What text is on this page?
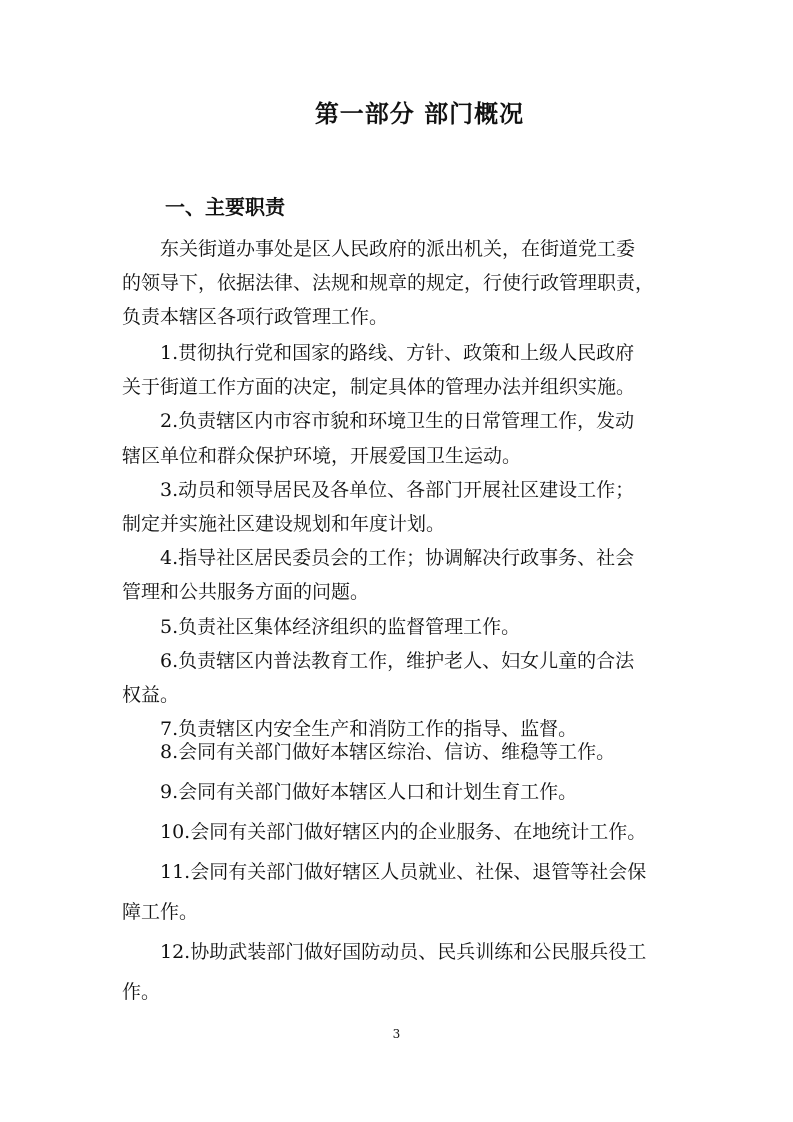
第一部分 部门概况
一、主要职责
　　东关街道办事处是区人民政府的派出机关，在街道党工委
的领导下，依据法律、法规和规章的规定，行使行政管理职责，
负责本辖区各项行政管理工作。
　　1.贯彻执行党和国家的路线、方针、政策和上级人民政府
关于街道工作方面的决定，制定具体的管理办法并组织实施。
　　2.负责辖区内市容市貌和环境卫生的日常管理工作，发动
辖区单位和群众保护环境，开展爱国卫生运动。
　　3.动员和领导居民及各单位、各部门开展社区建设工作；
制定并实施社区建设规划和年度计划。
　　4.指导社区居民委员会的工作；协调解决行政事务、社会
管理和公共服务方面的问题。
　　5.负责社区集体经济组织的监督管理工作。
　　6.负责辖区内普法教育工作，维护老人、妇女儿童的合法
权益。
　　7.负责辖区内安全生产和消防工作的指导、监督。
　　8.会同有关部门做好本辖区综治、信访、维稳等工作。
　　9.会同有关部门做好本辖区人口和计划生育工作。
　　10.会同有关部门做好辖区内的企业服务、在地统计工作。
　　11.会同有关部门做好辖区人员就业、社保、退管等社会保
障工作。
　　12.协助武装部门做好国防动员、民兵训练和公民服兵役工
作。
3
